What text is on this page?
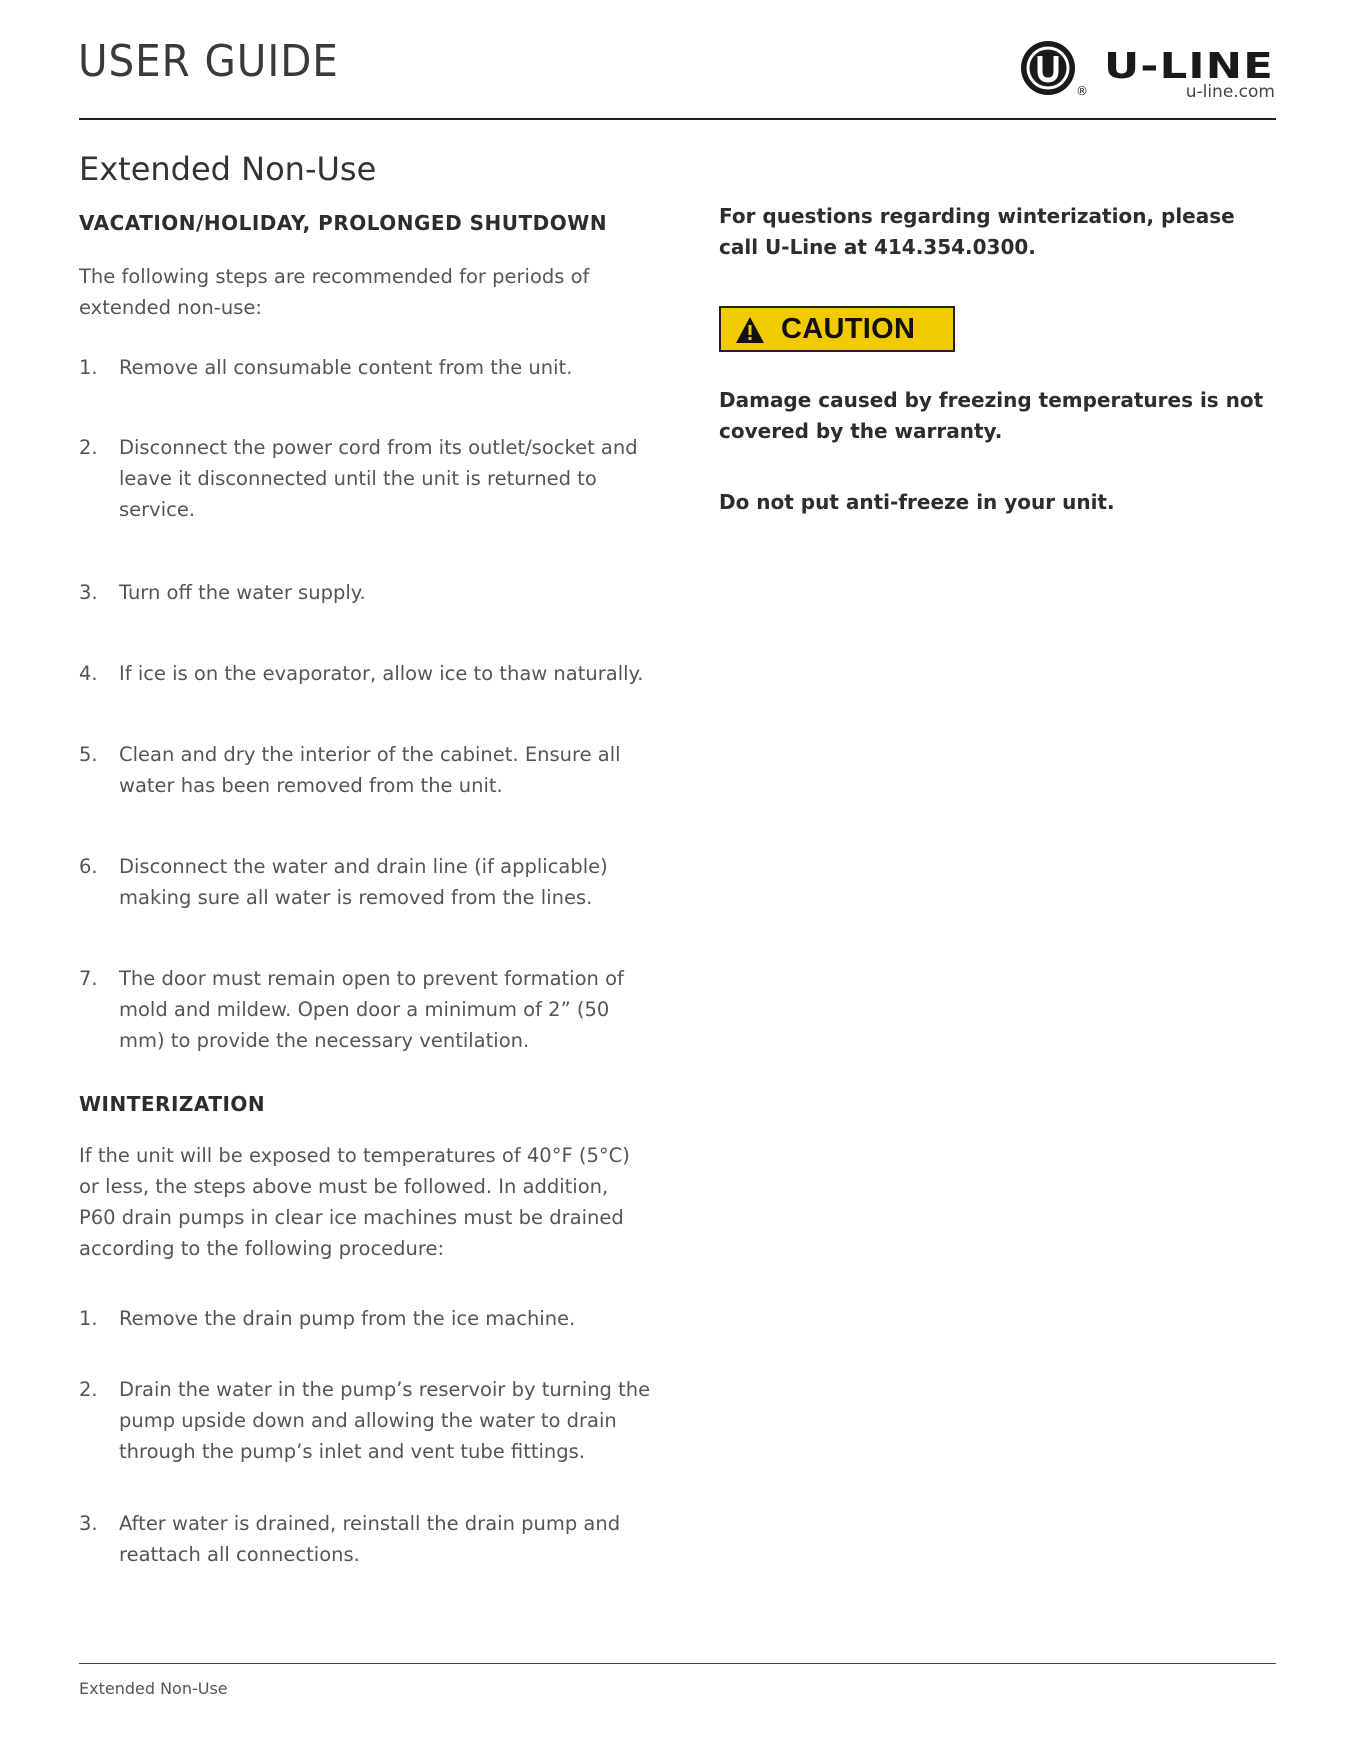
USER GUIDE
®
U-LINE
u-line.com
Extended Non-Use
VACATION/HOLIDAY, PROLONGED SHUTDOWN

The following steps are recommended for periods of extended non-use:

1.	Remove all consumable content from the unit.
2.	Disconnect the power cord from its outlet/socket and leave it disconnected until the unit is returned to service.
3.	Turn off the water supply.
4.	If ice is on the evaporator, allow ice to thaw naturally.
5.	Clean and dry the interior of the cabinet. Ensure all water has been removed from the unit.
6.	Disconnect the water and drain line (if applicable) making sure all water is removed from the lines.
7.	The door must remain open to prevent formation of mold and mildew. Open door a minimum of 2” (50 mm) to provide the necessary ventilation.
WINTERIZATION

If the unit will be exposed to temperatures of 40°F (5°C) or less, the steps above must be followed. In addition, P60 drain pumps in clear ice machines must be drained according to the following procedure:

1.	Remove the drain pump from the ice machine.
2.	Drain the water in the pump’s reservoir by turning the pump upside down and allowing the water to drain through the pump’s inlet and vent tube fittings.
3.	After water is drained, reinstall the drain pump and reattach all connections.

For questions regarding winterization, please call U-Line at 414.354.0300.

CAUTION

Damage caused by freezing temperatures is not covered by the warranty.

Do not put anti-freeze in your unit.

Extended Non-Use
